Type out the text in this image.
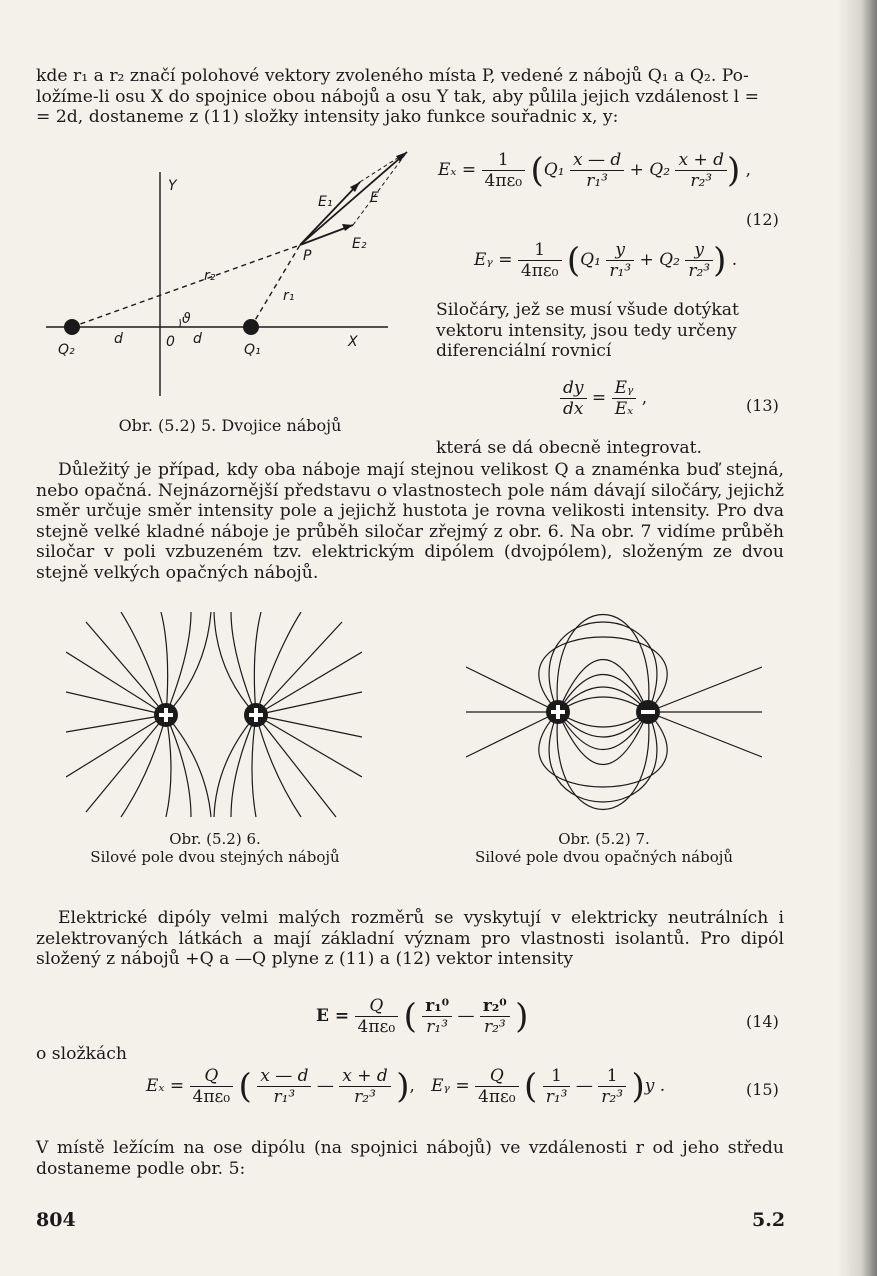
kde r₁ a r₂ značí polohové vektory zvoleného místa P, vedené z nábojů Q₁ a Q₂. Po-

ložíme-li osu X do spojnice obou nábojů a osu Y tak, aby půlila jejich vzdálenost l =

= 2d, dostaneme z (11) složky intensity jako funkce souřadnic x, y:

Y
X
P
E
E₁
E₂
r₁
r₂
ϑ
Q₂	Q₁
0
d	d
Obr. (5.2) 5. Dvojice nábojů
$E_x = \frac{1}{\text{4πε₀}} (Q_1 \frac{x — d}{\text{r₁³}} + Q_2 \frac{x + d}{\text{r₂³}}$ ) ,
(12)
Eᵧ = $\frac{1}{\text{4πε₀}} (Q_1 \frac{y}{\text{r₁³}} + Q_2 \frac{y}{\text{r₂³}}$ ) .

Siločáry, jež se musí všude dotýkat

vektoru intensity, jsou tedy určeny

diferenciální rovnicí

$\frac{dy}{dx} = \frac{\text{Eᵧ}}{\text{Eₓ}}$ ,	(13)
která se dá obecně integrovat.
Důležitý je případ, kdy oba náboje mají stejnou velikost Q a znaménka buď stejná, nebo opačná. Nejnázornější představu o vlastnostech pole nám dávají siločáry, jejichž směr určuje směr intensity pole a jejichž hustota je rovna velikosti intensity. Pro dva stejně velké kladné náboje je průběh siločar zřejmý z obr. 6. Na obr. 7 vidíme průběh siločar v poli vzbuzeném tzv. elektrickým dipólem (dvojpólem), složeným ze dvou stejně velkých opačných nábojů.
Obr. (5.2) 6.
Silové pole dvou stejných nábojů
Obr. (5.2) 7.
Silové pole dvou opačných nábojů
Elektrické dipóly velmi malých rozměrů se vyskytují v elektricky neutrálních i zelektrovaných látkách a mají základní význam pro vlastnosti isolantů. Pro dipól složený z nábojů +Q a —Q plyne z (11) a (12) vektor intensity
$E = \frac{Q}{\text{4πε₀}}$ ( $\frac{\text{r₁⁰}}{\text{r₁³}}$ — $\frac{\text{r₂⁰}}{\text{r₂³}}$ )	(14)
o složkách
$E_x = \frac{Q}{\text{4πε₀}}$ ( $\frac{x — d}{\text{r₁³}}$ — $\frac{x + d}{\text{r₂³}}$ ), Eᵧ = $\frac{Q}{\text{4πε₀}}$ ( $\frac{1}{\text{r₁³}}$ — $\frac{1}{\text{r₂³}} )y$ .	(15)
V místě ležícím na ose dipólu (na spojnici nábojů) ve vzdálenosti r od jeho středu dostaneme podle obr. 5:
804	5.2
